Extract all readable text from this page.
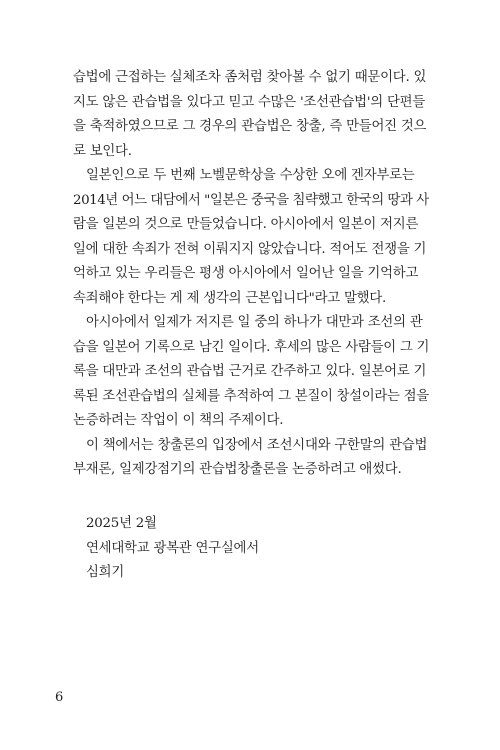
습법에 근접하는 실체조차 좀처럼 찾아볼 수 없기 때문이다. 있
지도 않은 관습법을 있다고 믿고 수많은 '조선관습법'의 단편들
을 축적하였으므로 그 경우의 관습법은 창출, 즉 만들어진 것으
로 보인다.
일본인으로 두 번째 노벨문학상을 수상한 오에 겐자부로는
2014년 어느 대담에서 "일본은 중국을 침략했고 한국의 땅과 사
람을 일본의 것으로 만들었습니다. 아시아에서 일본이 저지른
일에 대한 속죄가 전혀 이뤄지지 않았습니다. 적어도 전쟁을 기
억하고 있는 우리들은 평생 아시아에서 일어난 일을 기억하고
속죄해야 한다는 게 제 생각의 근본입니다"라고 말했다.
아시아에서 일제가 저지른 일 중의 하나가 대만과 조선의 관
습을 일본어 기록으로 남긴 일이다. 후세의 많은 사람들이 그 기
록을 대만과 조선의 관습법 근거로 간주하고 있다. 일본어로 기
록된 조선관습법의 실체를 추적하여 그 본질이 창설이라는 점을
논증하려는 작업이 이 책의 주제이다.
이 책에서는 창출론의 입장에서 조선시대와 구한말의 관습법
부재론, 일제강점기의 관습법창출론을 논증하려고 애썼다.
2025년 2월
연세대학교 광복관 연구실에서
심희기
6
